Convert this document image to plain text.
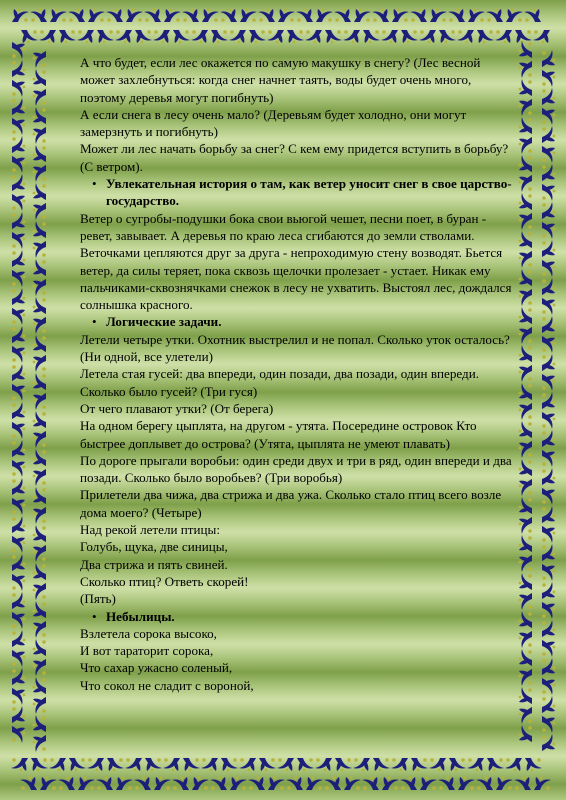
А что будет, если лес окажется по самую макушку в снегу? (Лес весной может захлебнуться: когда снег начнет таять, воды будет очень много, поэтому деревья могут погибнуть)

А если снега в лесу очень мало? (Деревьям будет холодно, они могут замерзнуть и погибнуть)

Может ли лес начать борьбу за снег? С кем ему придется вступить в борьбу? (С ветром).

• Увлекательная история о там, как ветер уносит снег в свое царство-государство.

Ветер о сугробы-подушки бока свои вьюгой чешет, песни поет, в буран - ревет, завывает. А деревья по краю леса сгибаются до земли стволами. Веточками цепляются друг за друга - непроходимую стену возводят. Бьется ветер, да силы теряет, пока сквозь щелочки пролезает - устает. Никак ему пальчиками-сквознячками снежок в лесу не ухватить. Выстоял лес, дождался солнышка красного.

• Логические задачи.

Летели четыре утки. Охотник выстрелил и не попал. Сколько уток осталось? (Ни одной, все улетели)

Летела стая гусей: два впереди, один позади, два позади, один впереди. Сколько было гусей? (Три гуся)

От чего плавают утки? (От берега)

На одном берегу цыплята, на другом - утята. Посередине островок Кто быстрее доплывет до острова? (Утята, цыплята не умеют плавать)

По дороге прыгали воробьи: один среди двух и три в ряд, один впереди и два позади. Сколько было воробьев? (Три воробья)

Прилетели два чижа, два стрижа и два ужа. Сколько стало птиц всего возле дома моего? (Четыре)

Над рекой летели птицы:

Голубь, щука, две синицы,

Два стрижа и пять свиней.

Сколько птиц? Ответь скорей!

(Пять)

• Небылицы.

Взлетела сорока высоко,

И вот тараторит сорока,

Что сахар ужасно соленый,

Что сокол не сладит с вороной,
